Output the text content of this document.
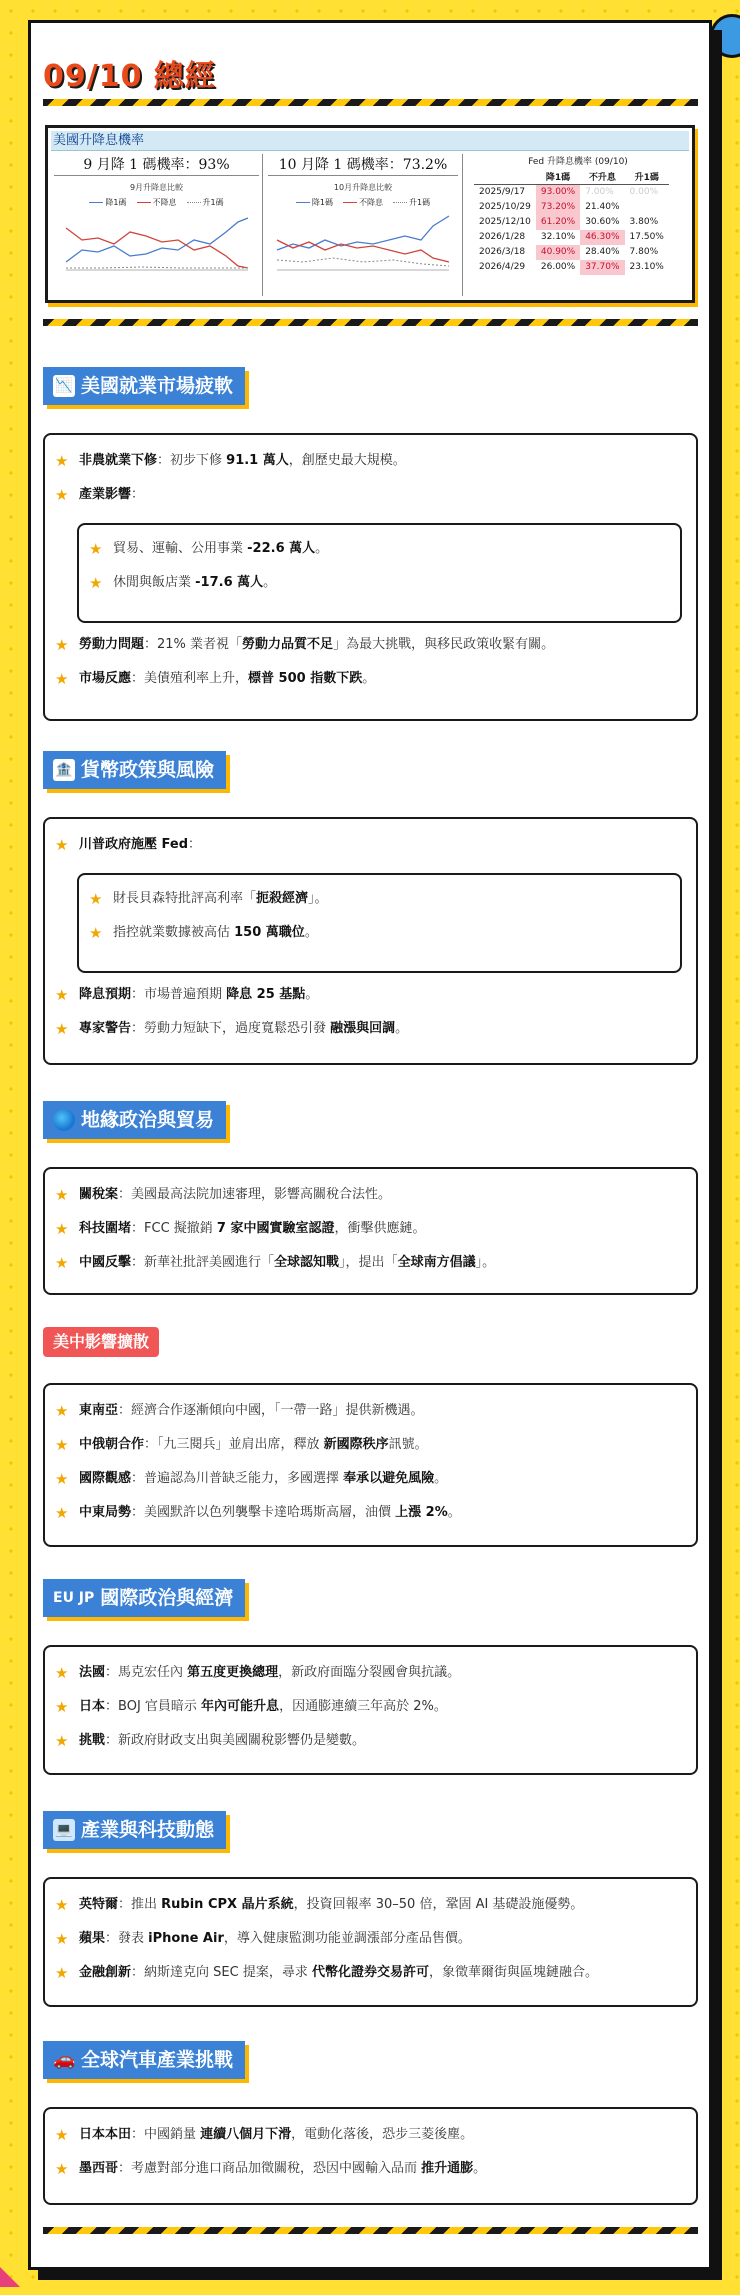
09/10 總經
美國升降息機率
9 月降 1 碼機率：93%
9月升降息比較
降1碼	不降息	升1碼
10 月降 1 碼機率：73.2%
10月升降息比較
降1碼	不降息	升1碼
Fed 升降息機率 (09/10)
	降1碼	不升息	升1碼
2025/9/17	93.00%	7.00%	0.00%
2025/10/29	73.20%	21.40%	
2025/12/10	61.20%	30.60%	3.80%
2026/1/28	32.10%	46.30%	17.50%
2026/3/18	40.90%	28.40%	7.80%
2026/4/29	26.00%	37.70%	23.10%
📉 美國就業市場疲軟
★ 非農就業下修：初步下修 91.1 萬人，創歷史最大規模。
★ 產業影響：
★ 貿易、運輸、公用事業 -22.6 萬人。
★ 休閒與飯店業 -17.6 萬人。
★ 勞動力問題：21% 業者視「勞動力品質不足」為最大挑戰，與移民政策收緊有關。
★ 市場反應：美債殖利率上升，標普 500 指數下跌。
🏦 貨幣政策與風險
★ 川普政府施壓 Fed：
★ 財長貝森特批評高利率「扼殺經濟」。
★ 指控就業數據被高估 150 萬職位。
★ 降息預期：市場普遍預期 降息 25 基點。
★ 專家警告：勞動力短缺下，過度寬鬆恐引發 融漲與回調。
地緣政治與貿易
★ 關稅案：美國最高法院加速審理，影響高關稅合法性。
★ 科技圍堵：FCC 擬撤銷 7 家中國實驗室認證，衝擊供應鏈。
★ 中國反擊：新華社批評美國進行「全球認知戰」，提出「全球南方倡議」。
美中影響擴散
★ 東南亞：經濟合作逐漸傾向中國，「一帶一路」提供新機遇。
★ 中俄朝合作：「九三閱兵」並肩出席，釋放 新國際秩序訊號。
★ 國際觀感：普遍認為川普缺乏能力，多國選擇 奉承以避免風險。
★ 中東局勢：美國默許以色列襲擊卡達哈瑪斯高層，油價 上漲 2%。
EU JP 國際政治與經濟
★ 法國：馬克宏任內 第五度更換總理，新政府面臨分裂國會與抗議。
★ 日本：BOJ 官員暗示 年內可能升息，因通膨連續三年高於 2%。
★ 挑戰：新政府財政支出與美國關稅影響仍是變數。
💻 產業與科技動態
★ 英特爾：推出 Rubin CPX 晶片系統，投資回報率 30–50 倍，鞏固 AI 基礎設施優勢。
★ 蘋果：發表 iPhone Air，導入健康監測功能並調漲部分產品售價。
★ 金融創新：納斯達克向 SEC 提案，尋求 代幣化證券交易許可，象徵華爾街與區塊鏈融合。
🚗 全球汽車產業挑戰
★ 日本本田：中國銷量 連續八個月下滑，電動化落後，恐步三菱後塵。
★ 墨西哥：考慮對部分進口商品加徵關稅，恐因中國輸入品而 推升通膨。
